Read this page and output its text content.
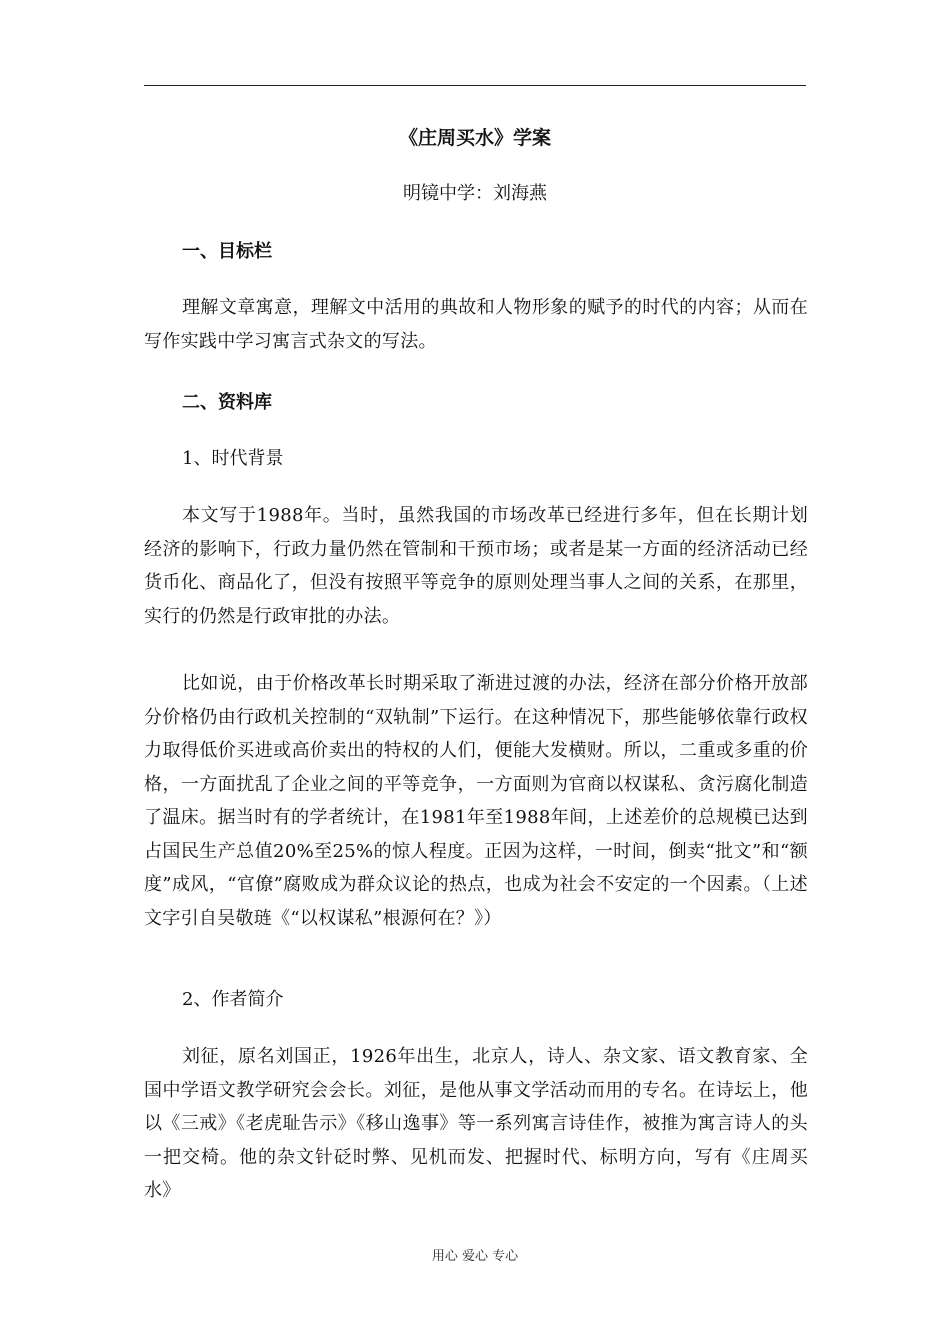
《庄周买水》学案
明镜中学：刘海燕
一、目标栏
理解文章寓意，理解文中活用的典故和人物形象的赋予的时代的内容；从而在写作实践中学习寓言式杂文的写法。
二、资料库
1、时代背景
本文写于1988年。当时，虽然我国的市场改革已经进行多年，但在长期计划经济的影响下，行政力量仍然在管制和干预市场；或者是某一方面的经济活动已经货币化、商品化了，但没有按照平等竞争的原则处理当事人之间的关系，在那里，实行的仍然是行政审批的办法。
比如说，由于价格改革长时期采取了渐进过渡的办法，经济在部分价格开放部分价格仍由行政机关控制的“双轨制”下运行。在这种情况下，那些能够依靠行政权力取得低价买进或高价卖出的特权的人们，便能大发横财。所以，二重或多重的价格，一方面扰乱了企业之间的平等竞争，一方面则为官商以权谋私、贪污腐化制造了温床。据当时有的学者统计，在1981年至1988年间，上述差价的总规模已达到占国民生产总值20%至25%的惊人程度。正因为这样，一时间，倒卖“批文”和“额度”成风，“官僚”腐败成为群众议论的热点，也成为社会不安定的一个因素。（上述文字引自吴敬琏《“以权谋私”根源何在？》）
2、作者简介
刘征，原名刘国正，1926年出生，北京人，诗人、杂文家、语文教育家、全国中学语文教学研究会会长。刘征，是他从事文学活动而用的专名。在诗坛上，他以《三戒》《老虎耻告示》《移山逸事》等一系列寓言诗佳作，被推为寓言诗人的头一把交椅。他的杂文针砭时弊、见机而发、把握时代、标明方向，写有《庄周买水》
用心 爱心 专心
